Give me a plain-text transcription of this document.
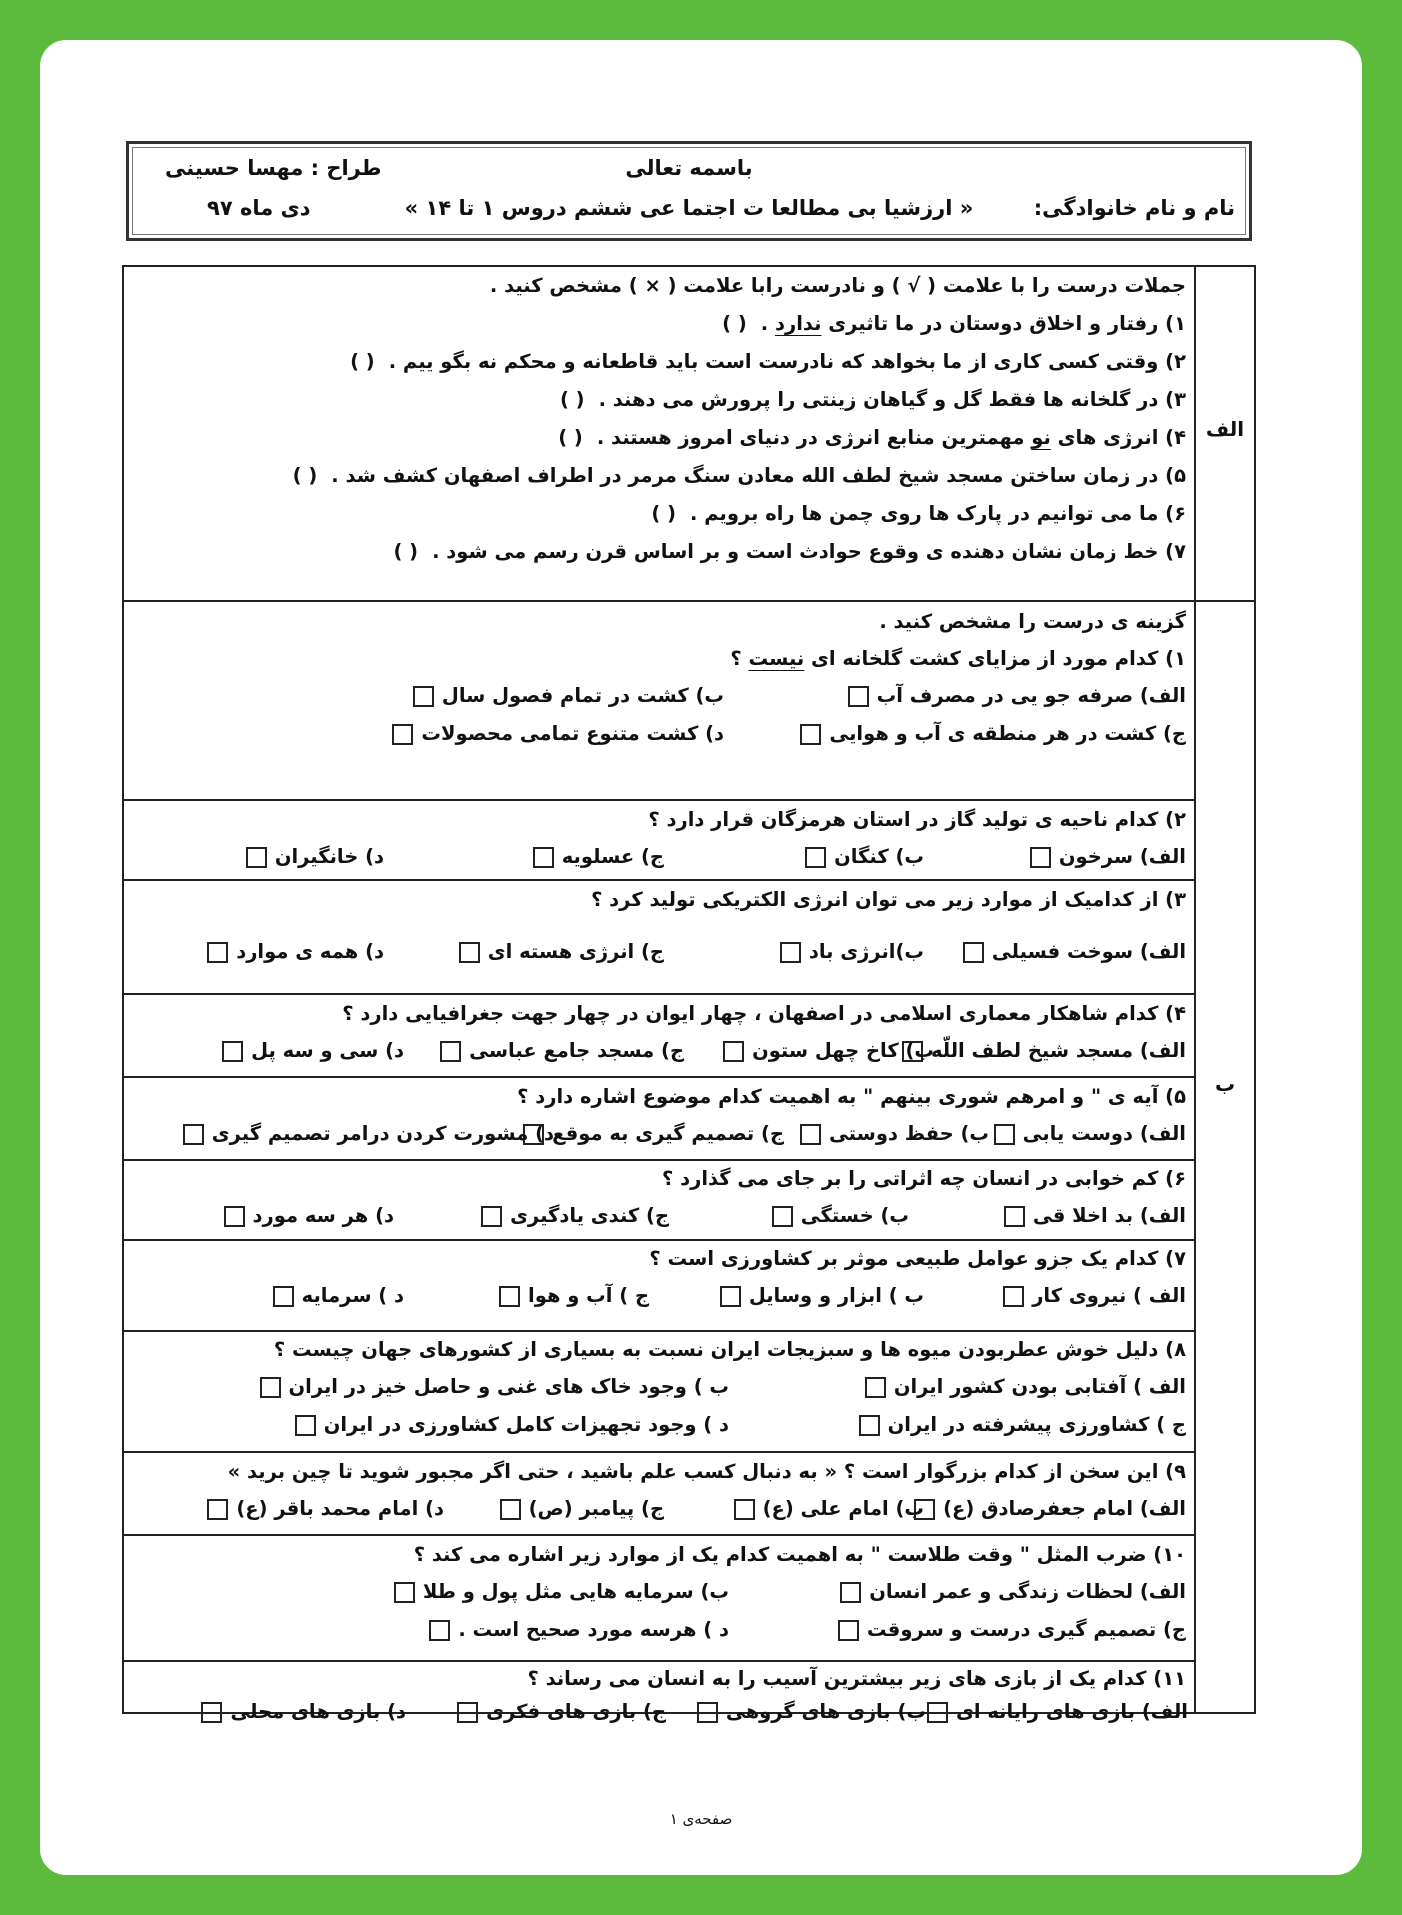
باسمه تعالی
طراح : مهسا حسینی
نام و نام خانوادگی:
« ارزشیا بی مطالعا ت اجتما عی ششم دروس ۱ تا ۱۴ »
دی ماه ۹۷
الف
ب
جملات درست را با علامت ( √ ) و نادرست رابا علامت ( × ) مشخص کنید .
۱) رفتار و اخلاق دوستان در ما تاثیری ندارد .( )
۲) وقتی کسی کاری از ما بخواهد که نادرست است باید قاطعانه و محکم نه بگو ییم .( )
۳) در گلخانه ها فقط گل و گیاهان زینتی را پرورش می دهند .( )
۴) انرژی های نو مهمترین منابع انرژی در دنیای امروز هستند .( )
۵) در زمان ساختن مسجد شیخ لطف الله معادن سنگ مرمر در اطراف اصفهان کشف شد .( )
۶) ما می توانیم در پارک ها روی چمن ها راه برویم .( )
۷) خط زمان نشان دهنده ی وقوع حوادث است و بر اساس قرن رسم می شود .( )
گزینه ی درست را مشخص کنید .
۱) کدام مورد از مزایای کشت گلخانه ای نیست ؟
الف) صرفه جو یی در مصرف آب
ب) کشت در تمام فصول سال
ج) کشت در هر منطقه ی آب و هوایی
د) کشت متنوع تمامی محصولات
۲) کدام ناحیه ی تولید گاز در استان هرمزگان قرار دارد ؟
الف) سرخون
ب) کنگان
ج) عسلویه
د) خانگیران
۳) از کدامیک از موارد زیر می توان انرژی الکتریکی تولید کرد ؟
الف) سوخت فسیلی
ب)انرژی باد
ج) انرژی هسته ای
د) همه ی موارد
۴) کدام شاهکار معماری اسلامی در اصفهان ، چهار ایوان در چهار جهت جغرافیایی دارد ؟
الف) مسجد شیخ لطف اللّه
ب) کاخ چهل ستون
ج) مسجد جامع عباسی
د) سی و سه پل
۵) آیه ی " و امرهم شوری بینهم " به اهمیت کدام موضوع اشاره دارد ؟
الف) دوست یابی
ب) حفظ دوستی
ج) تصمیم گیری به موقع
د) مشورت کردن درامر تصمیم گیری
۶) کم خوابی در انسان چه اثراتی را بر جای می گذارد ؟
الف) بد اخلا قی
ب) خستگی
ج) کندی یادگیری
د) هر سه مورد
۷) کدام یک جزو عوامل طبیعی موثر بر کشاورزی است ؟
الف ) نیروی کار
ب ) ابزار و وسایل
ج ) آب و هوا
د ) سرمایه
۸) دلیل خوش عطربودن میوه ها و سبزیجات ایران نسبت به بسیاری از کشورهای جهان چیست ؟
الف ) آفتابی بودن کشور ایران
ب ) وجود خاک های غنی و حاصل خیز در ایران
ج ) کشاورزی پیشرفته در ایران
د ) وجود تجهیزات کامل کشاورزی در ایران
۹) این سخن از کدام بزرگوار است ؟ « به دنبال کسب علم باشید ، حتی اگر مجبور شوید تا چین برید »
الف) امام جعفرصادق (ع)
ب) امام علی (ع)
ج) پیامبر (ص)
د) امام محمد باقر (ع)
۱۰) ضرب المثل " وقت طلاست " به اهمیت کدام یک از موارد زیر اشاره می کند ؟
الف) لحظات زندگی و عمر انسان
ب) سرمایه هایی مثل پول و طلا
ج) تصمیم گیری درست و سروقت
د ) هرسه مورد صحیح است .
۱۱) کدام یک از بازی های زیر بیشترین آسیب را به انسان می رساند ؟
صفحه‌ی ۱
الف) بازی های رایانه ای
ب) بازی های گروهی
ج) بازی های فکری
د) بازی های محلی
